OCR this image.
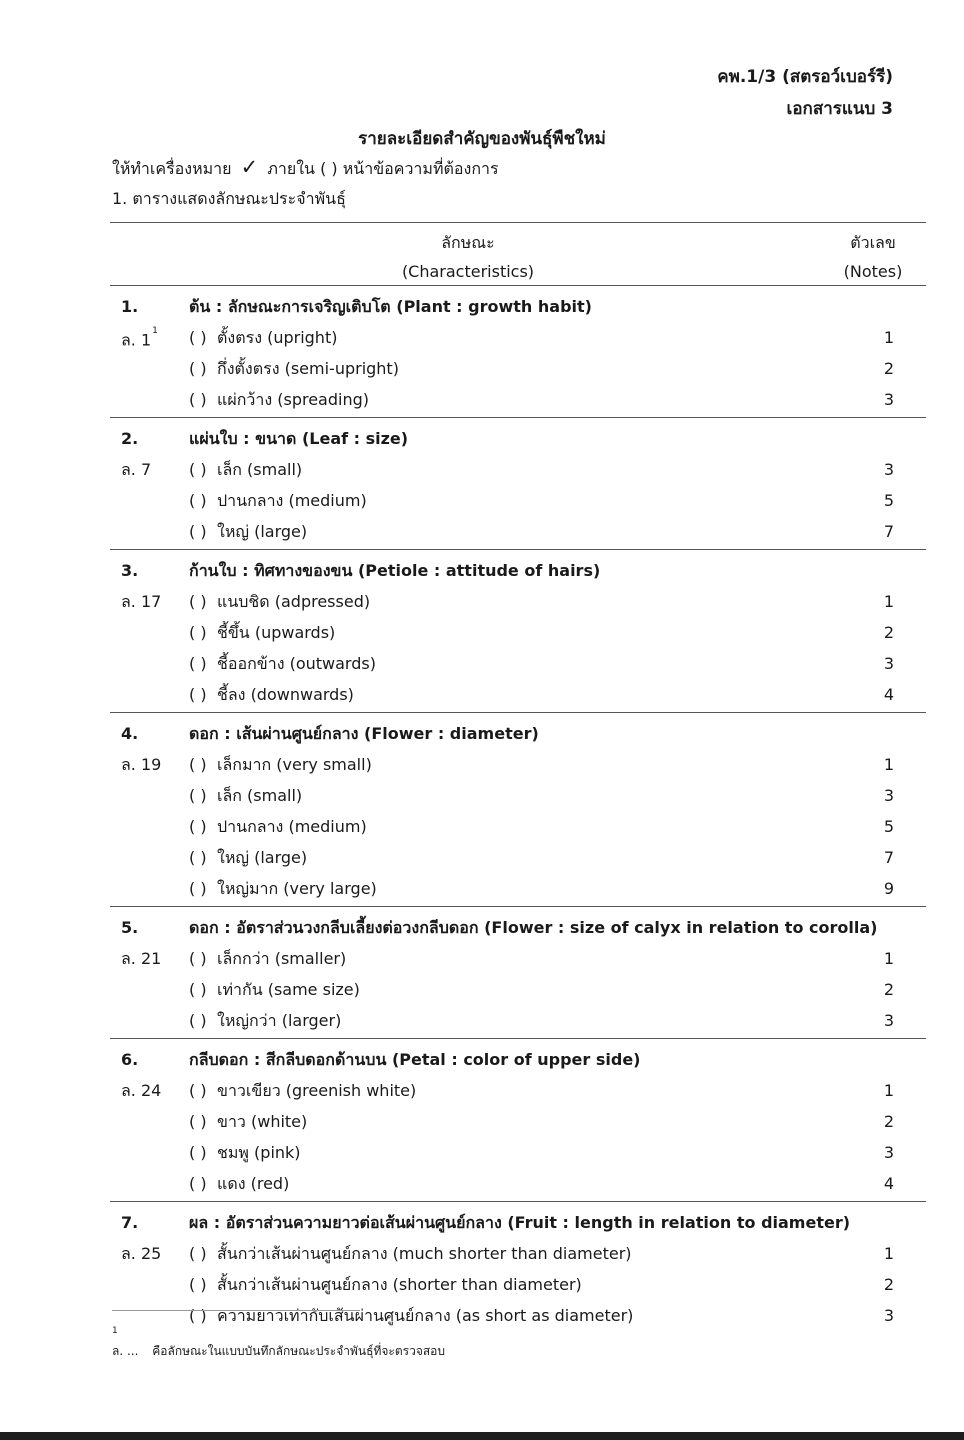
คพ.1/3 (สตรอว์เบอร์รี)
เอกสารแนบ 3
รายละเอียดสำคัญของพันธุ์พืชใหม่
ให้ทำเครื่องหมาย ✓ ภายใน ( ) หน้าข้อความที่ต้องการ
1. ตารางแสดงลักษณะประจำพันธุ์
ลักษณะ
(Characteristics)
ตัวเลข
(Notes)
1.	ต้น : ลักษณะการเจริญเติบโต (Plant : growth habit)
ล. $1^1$ ( ) ตั้งตรง (upright)	1
( ) กึ่งตั้งตรง (semi-upright)	2
( ) แผ่กว้าง (spreading)	3
2.	แผ่นใบ : ขนาด (Leaf : size)
ล. 7 ( ) เล็ก (small)	3
( ) ปานกลาง (medium)	5
( ) ใหญ่ (large)	7
3.	ก้านใบ : ทิศทางของขน (Petiole : attitude of hairs)
ล. 17 ( ) แนบชิด (adpressed)	1
( ) ชี้ขึ้น (upwards)	2
( ) ชี้ออกข้าง (outwards)	3
( ) ชี้ลง (downwards)	4
4.	ดอก : เส้นผ่านศูนย์กลาง (Flower : diameter)
ล. 19 ( ) เล็กมาก (very small)	1
( ) เล็ก (small)	3
( ) ปานกลาง (medium)	5
( ) ใหญ่ (large)	7
( ) ใหญ่มาก (very large)	9
5.	ดอก : อัตราส่วนวงกลีบเลี้ยงต่อวงกลีบดอก (Flower : size of calyx in relation to corolla)
ล. 21 ( ) เล็กกว่า (smaller)	1
( ) เท่ากัน (same size)	2
( ) ใหญ่กว่า (larger)	3
6.	กลีบดอก : สีกลีบดอกด้านบน (Petal : color of upper side)
ล. 24 ( ) ขาวเขียว (greenish white)	1
( ) ขาว (white)	2
( ) ชมพู (pink)	3
( ) แดง (red)	4
7.	ผล : อัตราส่วนความยาวต่อเส้นผ่านศูนย์กลาง (Fruit : length in relation to diameter)
ล. 25 ( ) สั้นกว่าเส้นผ่านศูนย์กลาง (much shorter than diameter)	1
( ) สั้นกว่าเส้นผ่านศูนย์กลาง (shorter than diameter)	2
( ) ความยาวเท่ากับเส้นผ่านศูนย์กลาง (as short as diameter)	3
$^1$
ล. ... คือลักษณะในแบบบันทึกลักษณะประจำพันธุ์ที่จะตรวจสอบ
